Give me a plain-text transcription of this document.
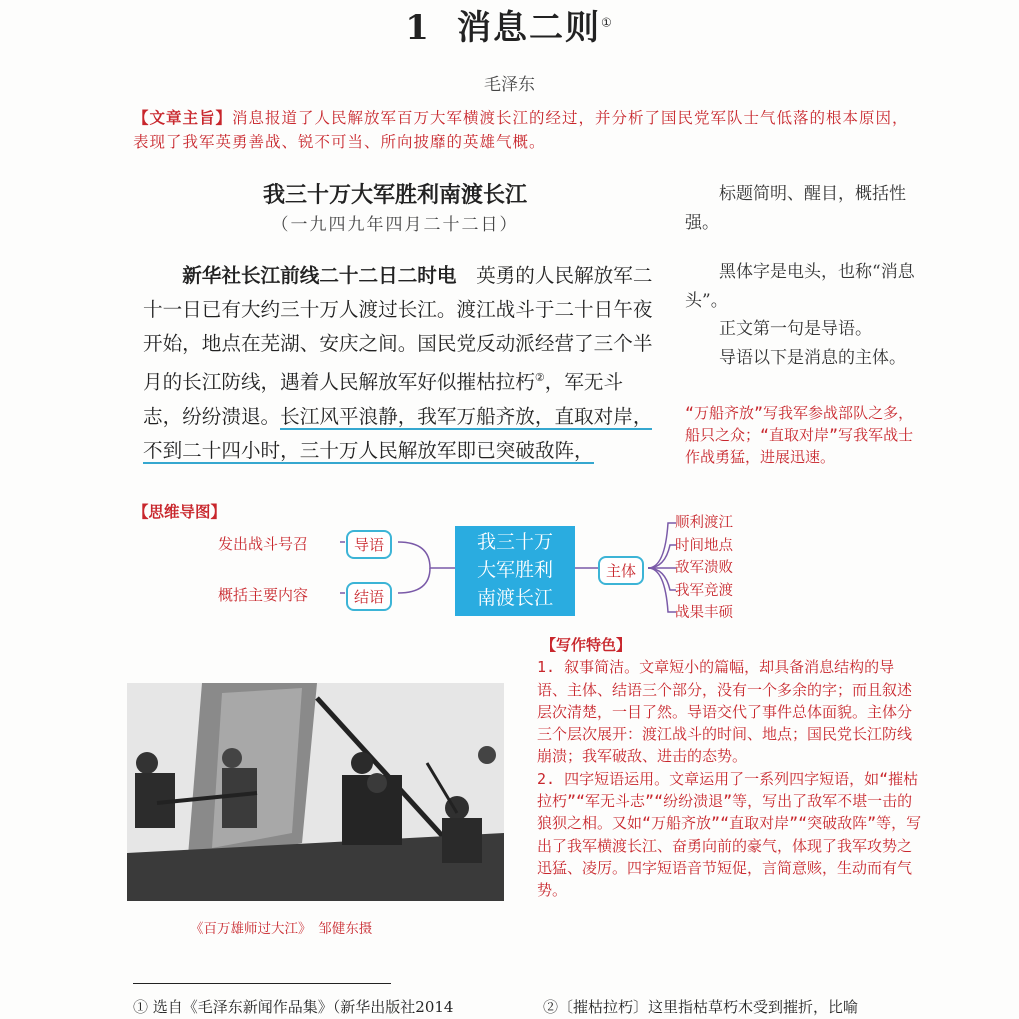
1 消息二则①
毛泽东
【文章主旨】消息报道了人民解放军百万大军横渡长江的经过，并分析了国民党军队士气低落的根本原因，表现了我军英勇善战、锐不可当、所向披靡的英雄气概。
我三十万大军胜利南渡长江
（一九四九年四月二十二日）

新华社长江前线二十二日二时电  英勇的人民解放军二十一日已有大约三十万人渡过长江。渡江战斗于二十日午夜开始，地点在芜湖、安庆之间。国民党反动派经营了三个半月的长江防线，遇着人民解放军好似摧枯拉朽②，军无斗志，纷纷溃退。长江风平浪静，我军万船齐放，直取对岸，不到二十四小时，三十万人民解放军即已突破敌阵，

标题简明、醒目，概括性强。

黑体字是电头，也称“消息头”。

正文第一句是导语。

导语以下是消息的主体。

“万船齐放”写我军参战部队之多，船只之众；“直取对岸”写我军战士作战勇猛，进展迅速。
【思维导图】
发出战斗号召	导语
概括主要内容	结语
我三十万
大军胜利
南渡长江
主体
顺利渡江
时间地点
敌军溃败
我军竞渡
战果丰硕
《百万雄师过大江》　邹健东摄
【写作特色】
1. 叙事简洁。文章短小的篇幅，却具备消息结构的导语、主体、结语三个部分，没有一个多余的字；而且叙述层次清楚，一目了然。导语交代了事件总体面貌。主体分三个层次展开：渡江战斗的时间、地点；国民党长江防线崩溃；我军破敌、进击的态势。
2. 四字短语运用。文章运用了一系列四字短语，如“摧枯拉朽”“军无斗志”“纷纷溃退”等，写出了敌军不堪一击的狼狈之相。又如“万船齐放”“直取对岸”“突破敌阵”等，写出了我军横渡长江、奋勇向前的豪气，体现了我军攻势之迅猛、凌厉。四字短语音节短促，言简意赅，生动而有气势。
① 选自《毛泽东新闻作品集》（新华出版社2014	②〔摧枯拉朽〕这里指枯草朽木受到摧折，比喻
